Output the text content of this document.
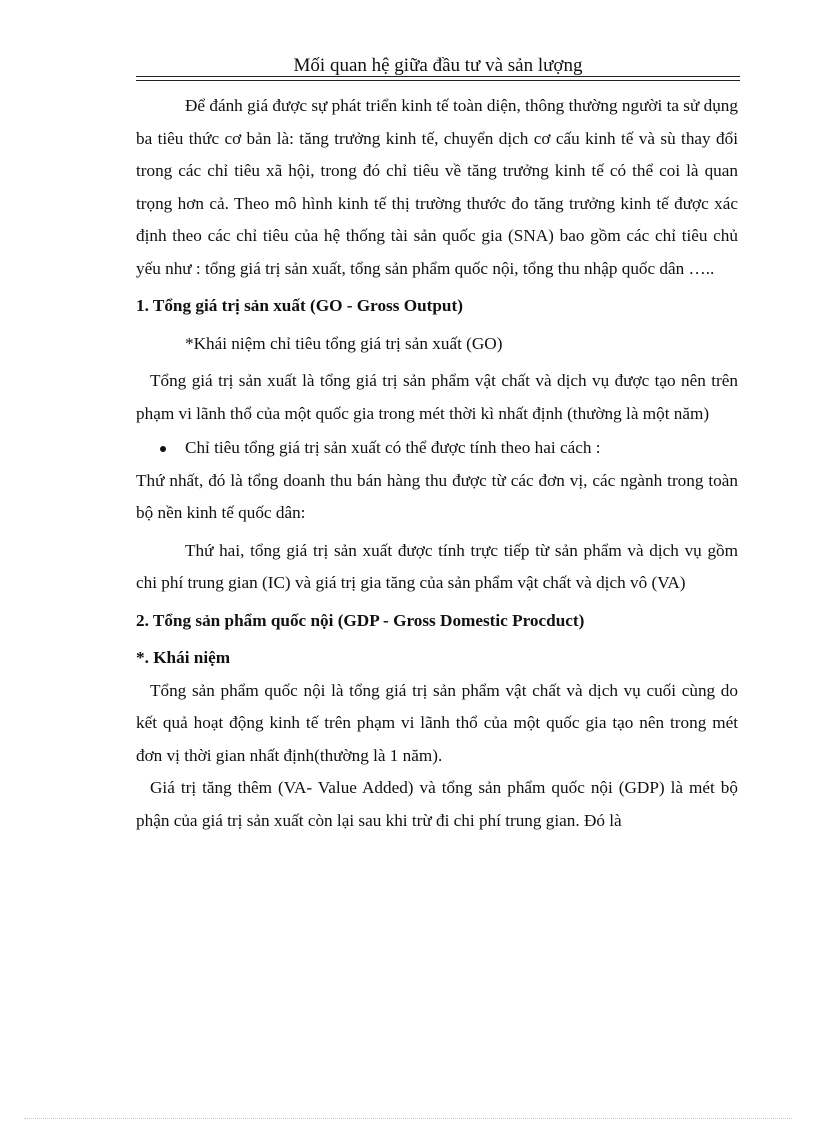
Mối quan hệ giữa đầu tư và sản lượng

Để đánh giá được sự phát triển kinh tế toàn diện, thông thường người ta sử dụng ba tiêu thức cơ bản là: tăng trưởng kinh tế, chuyển dịch cơ cấu kinh tế và sù thay đổi trong các chỉ tiêu xã hội, trong đó chỉ tiêu về tăng trưởng kinh tế có thể coi là quan trọng hơn cả. Theo mô hình kinh tế thị trường thước đo tăng trưởng kinh tế được xác định theo các chỉ tiêu của hệ thống tài sản quốc gia (SNA) bao gồm các chỉ tiêu chủ yếu như : tổng giá trị sản xuất, tổng sản phẩm quốc nội, tổng thu nhập quốc dân …..

1. Tổng giá trị sản xuất (GO - Gross Output)

*Khái niệm chỉ tiêu tổng giá trị sản xuất (GO)

Tổng giá trị sản xuất là tổng giá trị sản phẩm vật chất và dịch vụ được tạo nên trên phạm vi lãnh thổ của một quốc gia trong mét thời kì nhất định (thường là một năm)

Chỉ tiêu tổng giá trị sản xuất có thể được tính theo hai cách :

Thứ nhất, đó là tổng doanh thu bán hàng thu được từ các đơn vị, các ngành trong toàn bộ nền kinh tế quốc dân:

Thứ hai, tổng giá trị sản xuất được tính trực tiếp từ sản phẩm và dịch vụ gồm chi phí trung gian (IC) và giá trị gia tăng của sản phẩm vật chất và dịch vô (VA)

2. Tổng sản phẩm quốc nội (GDP - Gross Domestic Procduct)

*. Khái niệm

Tổng sản phẩm quốc nội là tổng giá trị sản phẩm vật chất và dịch vụ cuối cùng do kết quả hoạt động kinh tế trên phạm vi lãnh thổ của một quốc gia tạo nên trong mét đơn vị thời gian nhất định(thường là 1 năm).

Giá trị tăng thêm (VA- Value Added) và tổng sản phẩm quốc nội (GDP) là mét bộ phận của giá trị sản xuất còn lại sau khi trừ đi chi phí trung gian. Đó là
